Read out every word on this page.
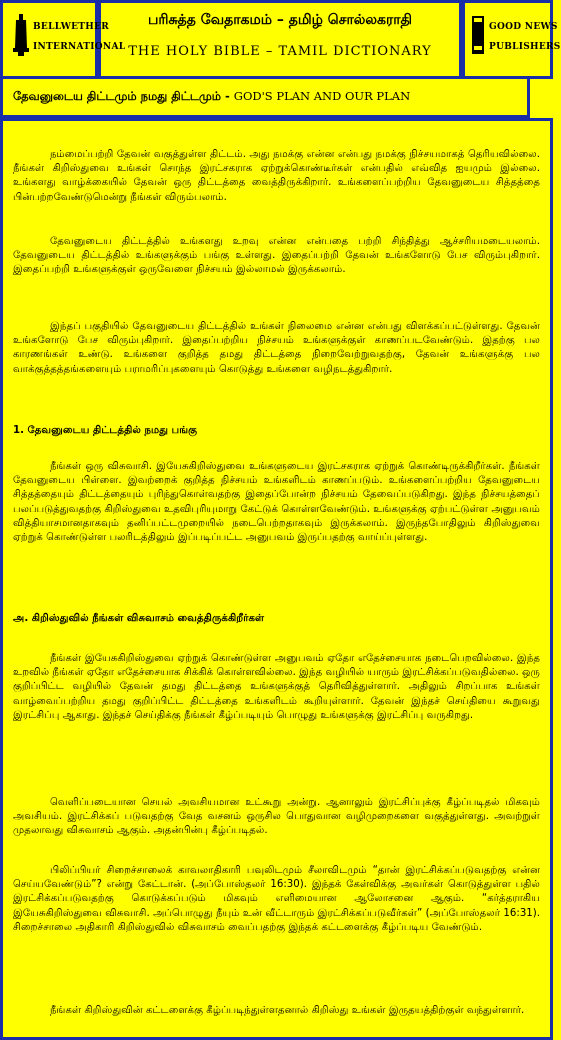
BELLWETHER
INTERNATIONAL
பரிசுத்த வேதாகமம் – தமிழ் சொல்லகராதி
THE HOLY BIBLE – TAMIL DICTIONARY
GOOD NEWS
PUBLISHERS
தேவனுடைய திட்டமும் நமது திட்டமும் - GOD'S PLAN AND OUR PLAN

நம்மைப்பற்றி தேவன் வகுத்துள்ள திட்டம். அது நமக்கு என்ன என்பது நமக்கு நிச்சயமாகத் தெரியவில்லை. நீங்கள் கிறிஸ்துவை உங்கள் சொந்த இரட்சகராக ஏற்றுக்கொண்டீர்கள் என்பதில் எவ்வித ஐயமும் இல்லை. உங்களது வாழ்க்கையில் தேவன் ஒரு திட்டத்தை வைத்திருக்கிறார். உங்களைப்பற்றிய தேவனுடைய சித்தத்தை பின்பற்றவேண்டுமென்று நீங்கள் விரும்பலாம்.

தேவனுடைய திட்டத்தில் உங்களது உறவு என்ன என்பதை பற்றி சிந்தித்து ஆச்சரியமடையலாம். தேவனுடைய திட்டத்தில் உங்களுக்கும் பங்கு உள்ளது. இதைப்பற்றி தேவன் உங்களோடு பேச விரும்புகிறார். இதைப்பற்றி உங்களுக்குள் ஒருவேளை நிச்சயம் இல்லாமல் இருக்கலாம்.

இந்தப் பகுதியில் தேவனுடைய திட்டத்தில் உங்கள் நிலைமை என்ன என்பது விளக்கப்பட்டுள்ளது. தேவன் உங்களோடு பேச விரும்புகிறார். இதைப்பற்றிய நிச்சயம் உங்களுக்குள் காணப்படவேண்டும். இதற்கு பல காரணங்கள் உண்டு. உங்களை குறித்த தமது திட்டத்தை நிறைவேற்றுவதற்கு, தேவன் உங்களுக்கு பல வாக்குத்தத்தங்களையும் பராமரிப்புகளையும் கொடுத்து உங்களை வழிநடத்துகிறார்.

1. தேவனுடைய திட்டத்தில் நமது பங்கு

நீங்கள் ஒரு விசுவாசி. இயேசுகிறிஸ்துவை உங்களுடைய இரட்சகராக ஏற்றுக் கொண்டிருக்கிறீர்கள். நீங்கள் தேவனுடைய பிள்ளை. இவற்றைக் குறித்த நிச்சயம் உங்களிடம் காணப்படும். உங்களைப்பற்றிய தேவனுடைய சித்தத்தையும் திட்டத்தையும் புரிந்துகொள்வதற்கு இதைப்போன்ற நிச்சயம் தேவைப்படுகிறது. இந்த நிச்சயத்தைப் பலப்படுத்துவதற்கு கிறிஸ்துவை உதவிபுரியுமாறு கேட்டுக் கொள்ளவேண்டும். உங்களுக்கு ஏற்பட்டுள்ள அனுபவம் வித்தியாசமானதாகவும் தனிப்பட்டமுறையில் நடைபெற்றதாகவும் இருக்கலாம். இருந்தபோதிலும் கிறிஸ்துவை ஏற்றுக் கொண்டுள்ள பலரிடத்திலும் இப்படிப்பட்ட அனுபவம் இருப்பதற்கு வாய்ப்புள்ளது.

அ. கிறிஸ்துவில் நீங்கள் விசுவாசம் வைத்திருக்கிறீர்கள்

நீங்கள் இயேசுகிறிஸ்துவை ஏற்றுக் கொண்டுள்ள அனுபவம் ஏதோ எதேச்சையாக நடைபெறவில்லை. இந்த உறவில் நீங்கள் ஏதோ எதேச்சையாக சிக்கிக் கொள்ளவில்லை. இந்த வழியில் யாரும் இரட்சிக்கப்படுவதில்லை. ஒரு குறிப்பிட்ட வழியில் தேவன் தமது திட்டத்தை உங்களுக்குத் தெரிவித்துள்ளார். அதிலும் சிறப்பாக உங்கள் வாழ்வைப்பற்றிய தமது குறிப்பிட்ட திட்டத்தை உங்களிடம் கூறியுள்ளார். தேவன் இந்தச் செய்தியை கூறுவது இரட்சிப்பு ஆகாது. இந்தச் செய்திக்கு நீங்கள் கீழ்ப்படியும் பொழுது உங்களுக்கு இரட்சிப்பு வருகிறது.

வெளிப்படையான செயல் அவசியமான உட்கூறு அன்று. ஆனாலும் இரட்சிப்புக்கு கீழ்ப்படிதல் மிகவும் அவசியம். இரட்சிக்கப் படுவதற்கு வேத வசனம் ஒருசில பொதுவான வழிமுறைகளை வகுத்துள்ளது. அவற்றுள் முதலாவது விசுவாசம் ஆகும். அதன்பின்பு கீழ்ப்படிதல்.

பிலிப்பியர் சிறைச்சாலைக் காவலாதிகாரி பவுலிடமும் சீலாவிடமும் “தான் இரட்சிக்கப்படுவதற்கு என்ன செய்யவேண்டும்”? என்று கேட்டான். (அப்போஸ்தலர் 16:30). இந்தக் கேள்விக்கு அவர்கள் கொடுத்துள்ள பதில் இரட்சிக்கப்படுவதற்கு கொடுக்கப்படும் மிகவும் எளிமையான ஆலோசனை ஆகும். “கர்த்தராகிய இயேசுகிறிஸ்துவை விசுவாசி. அப்பொழுது நீயும் உன் வீட்டாரும் இரட்சிக்கப்படுவீர்கள்” (அப்போஸ்தலர் 16:31). சிறைச்சாலை அதிகாரி கிறிஸ்துவில் விசுவாசம் வைப்பதற்கு இந்தக் கட்டளைக்கு கீழ்ப்படிய வேண்டும்.

நீங்கள் கிறிஸ்துவின் கட்டளைக்கு கீழ்ப்படிந்துள்ளதனால் கிறிஸ்து உங்கள் இருதயத்திற்குள் வந்துள்ளார்.
